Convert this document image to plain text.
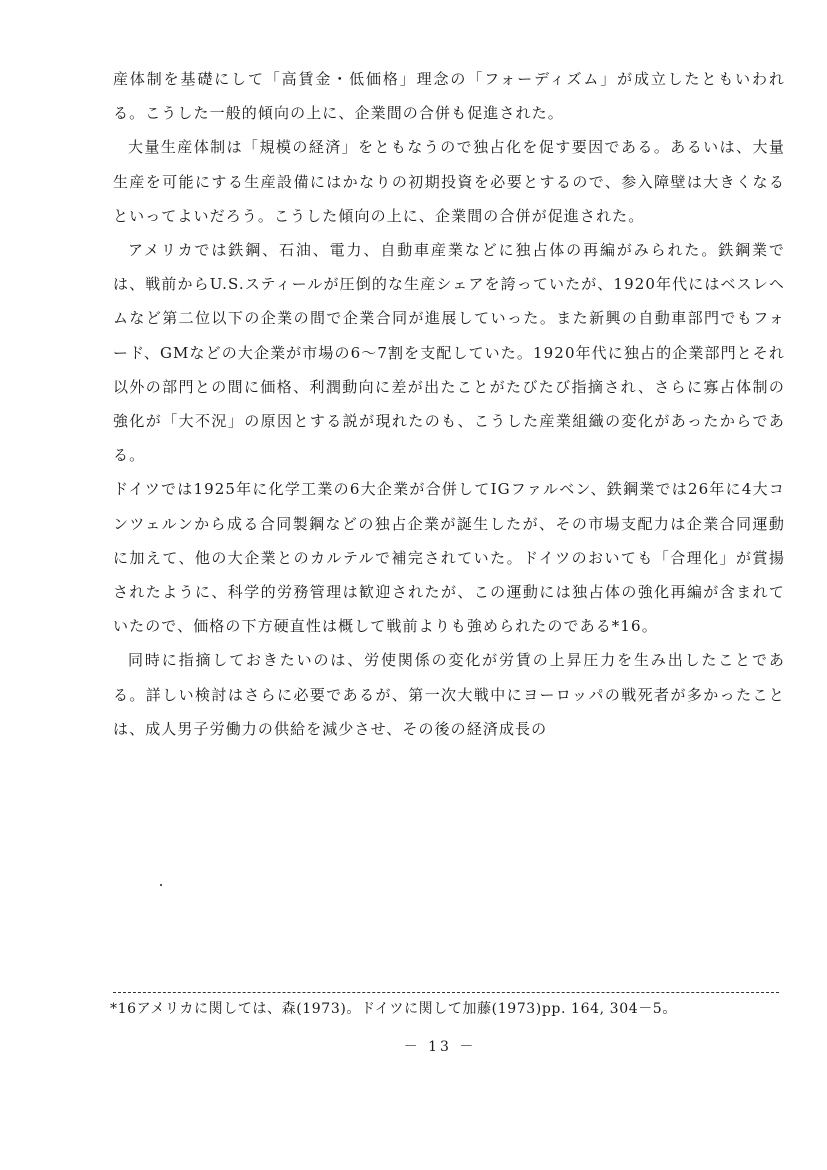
産体制を基礎にして「高賃金・低価格」理念の「フォーディズム」が成立したともいわれる。こうした一般的傾向の上に、企業間の合併も促進された。

大量生産体制は「規模の経済」をともなうので独占化を促す要因である。あるいは、大量生産を可能にする生産設備にはかなりの初期投資を必要とするので、参入障壁は大きくなるといってよいだろう。こうした傾向の上に、企業間の合併が促進された。

アメリカでは鉄鋼、石油、電力、自動車産業などに独占体の再編がみられた。鉄鋼業では、戦前からU.S.スティールが圧倒的な生産シェアを誇っていたが、1920年代にはベスレヘムなど第二位以下の企業の間で企業合同が進展していった。また新興の自動車部門でもフォード、GMなどの大企業が市場の6～7割を支配していた。1920年代に独占的企業部門とそれ以外の部門との間に価格、利潤動向に差が出たことがたびたび指摘され、さらに寡占体制の強化が「大不況」の原因とする説が現れたのも、こうした産業組織の変化があったからである。

ドイツでは1925年に化学工業の6大企業が合併してIGファルベン、鉄鋼業では26年に4大コンツェルンから成る合同製鋼などの独占企業が誕生したが、その市場支配力は企業合同運動に加えて、他の大企業とのカルテルで補完されていた。ドイツのおいても「合理化」が賞揚されたように、科学的労務管理は歓迎されたが、この運動には独占体の強化再編が含まれていたので、価格の下方硬直性は概して戦前よりも強められたのである*16。

同時に指摘しておきたいのは、労使関係の変化が労賃の上昇圧力を生み出したことである。詳しい検討はさらに必要であるが、第一次大戦中にヨーロッパの戦死者が多かったことは、成人男子労働力の供給を減少させ、その後の経済成長の

*16アメリカに関しては、森(1973)。ドイツに関して加藤(1973)pp. 164, 304－5。
－ 13 －
